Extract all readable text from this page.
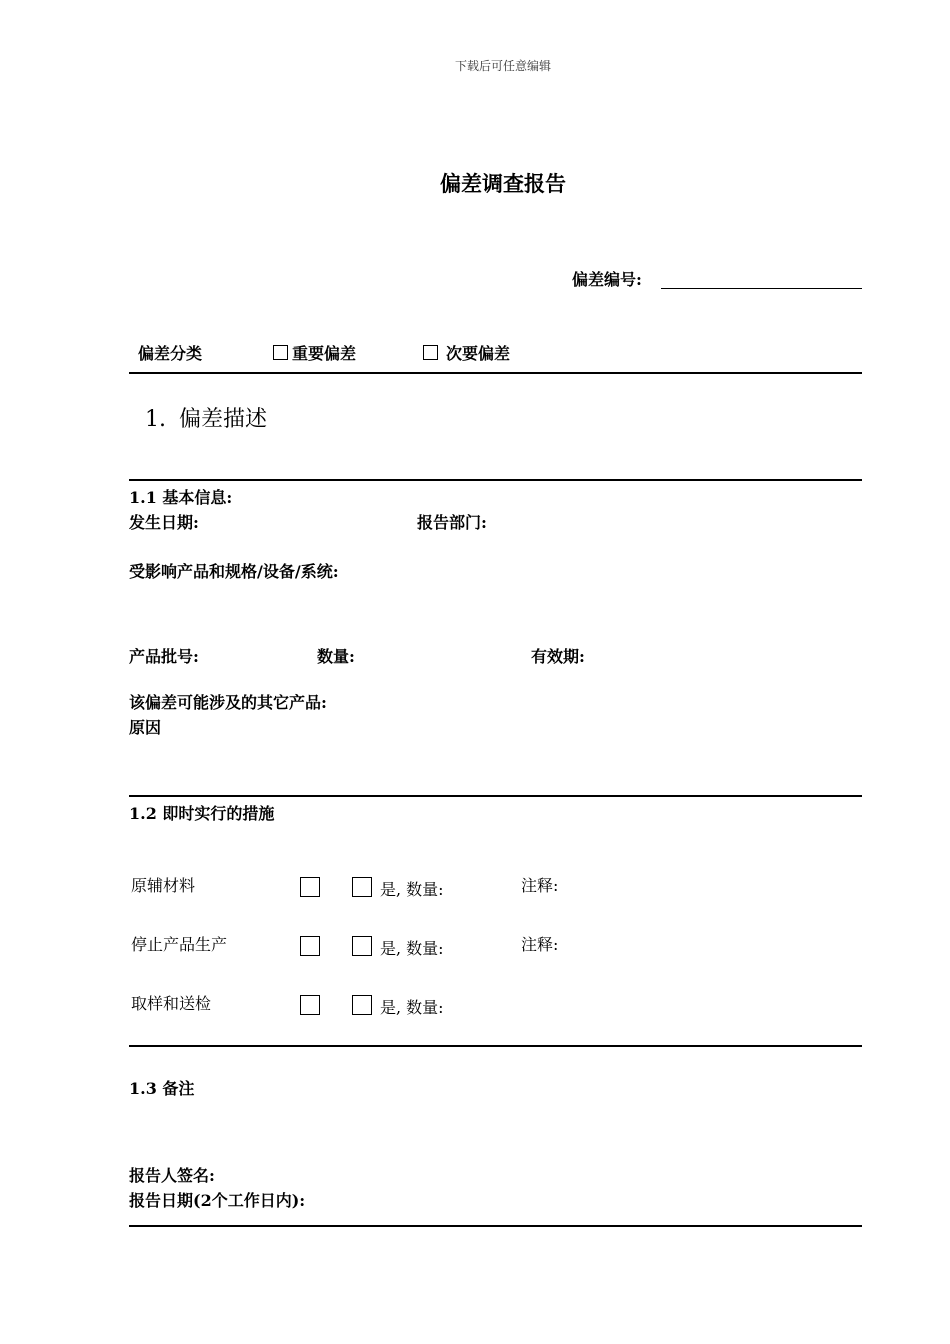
下载后可任意编辑
偏差调查报告
偏差编号:
偏差分类	重要偏差	次要偏差
1. 偏差描述
1.1 基本信息:
发生日期:	报告部门:
受影响产品和规格/设备/系统:
产品批号:	数量:	有效期:
该偏差可能涉及的其它产品:
原因
1.2 即时实行的措施
原辅材料	是, 数量:	注释:
停止产品生产	是, 数量:	注释:
取样和送检	是, 数量:
1.3 备注
报告人签名:
报告日期(2个工作日内):
